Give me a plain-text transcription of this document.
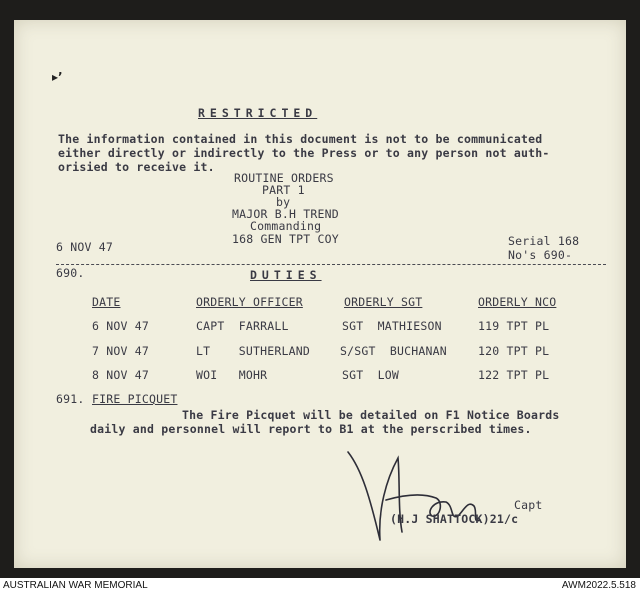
▸’
RESTRICTED
The information contained in this document is not to be communicated
either directly or indirectly to the Press or to any person not auth-
orisied to receive it.
ROUTINE ORDERS
PART 1
by
MAJOR B.H TREND
Commanding
168 GEN TPT COY
6 NOV 47	Serial 168
No's 690-
690.	DUTIES
DATE	ORDERLY OFFICER	ORDERLY SGT	ORDERLY NCO
6 NOV 47	CAPT  FARRALL	SGT  MATHIESON	119 TPT PL
7 NOV 47	LT    SUTHERLAND	S/SGT  BUCHANAN	120 TPT PL
8 NOV 47	WOI   MOHR	SGT  LOW	122 TPT PL
691. FIRE PICQUET
The Fire Picquet will be detailed on F1 Notice Boards
daily and personnel will report to B1 at the perscribed times.
Capt
(H.J SHATTOCK)21/c
AUSTRALIAN WAR MEMORIAL	AWM2022.5.518
